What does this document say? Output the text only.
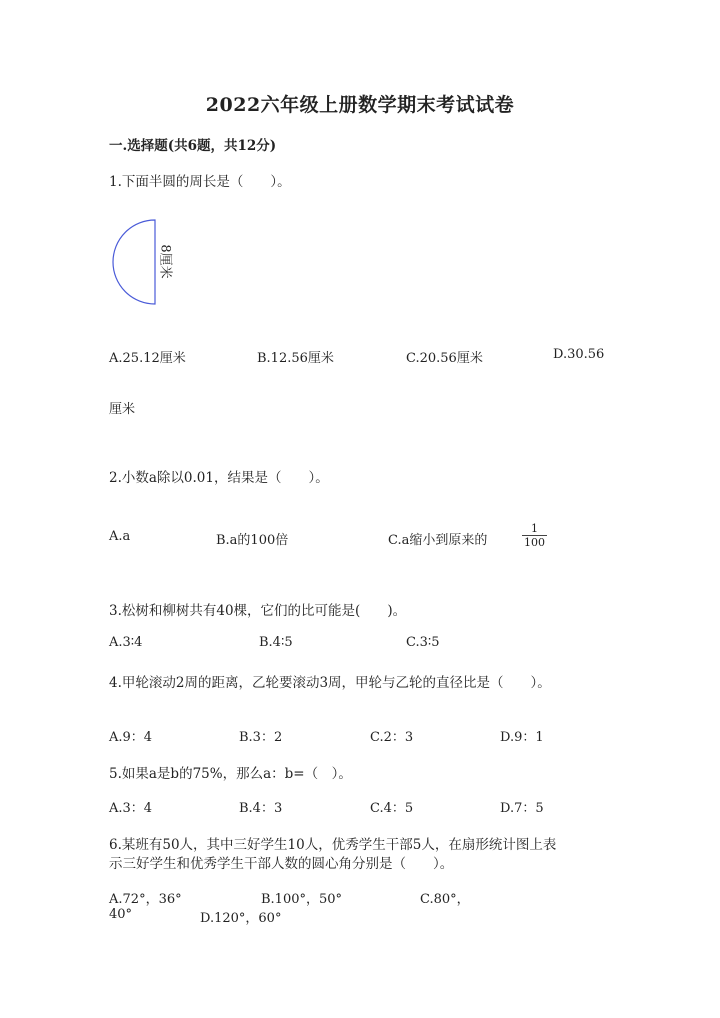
2022六年级上册数学期末考试试卷
一.选择题(共6题，共12分)
1.下面半圆的周长是（　　）。
8厘米
A.25.12厘米	B.12.56厘米	C.20.56厘米	D.30.56
厘米
2.小数a除以0.01，结果是（　　）。
A.a	B.a的100倍	C.a缩小到原来的	$\frac{1}{100}$
3.松树和柳树共有40棵，它们的比可能是(　　)。
A.3∶4	B.4∶5	C.3∶5
4.甲轮滚动2周的距离，乙轮要滚动3周，甲轮与乙轮的直径比是（　　）。
A.9：4	B.3：2	C.2：3	D.9：1
5.如果a是b的75%，那么a：b=（　）。
A.3：4	B.4：3	C.4：5	D.7：5
6.某班有50人，其中三好学生10人，优秀学生干部5人，在扇形统计图上表
示三好学生和优秀学生干部人数的圆心角分别是（　　）。
A.72°，36°	B.100°，50°	C.80°，
40°	D.120°，60°
